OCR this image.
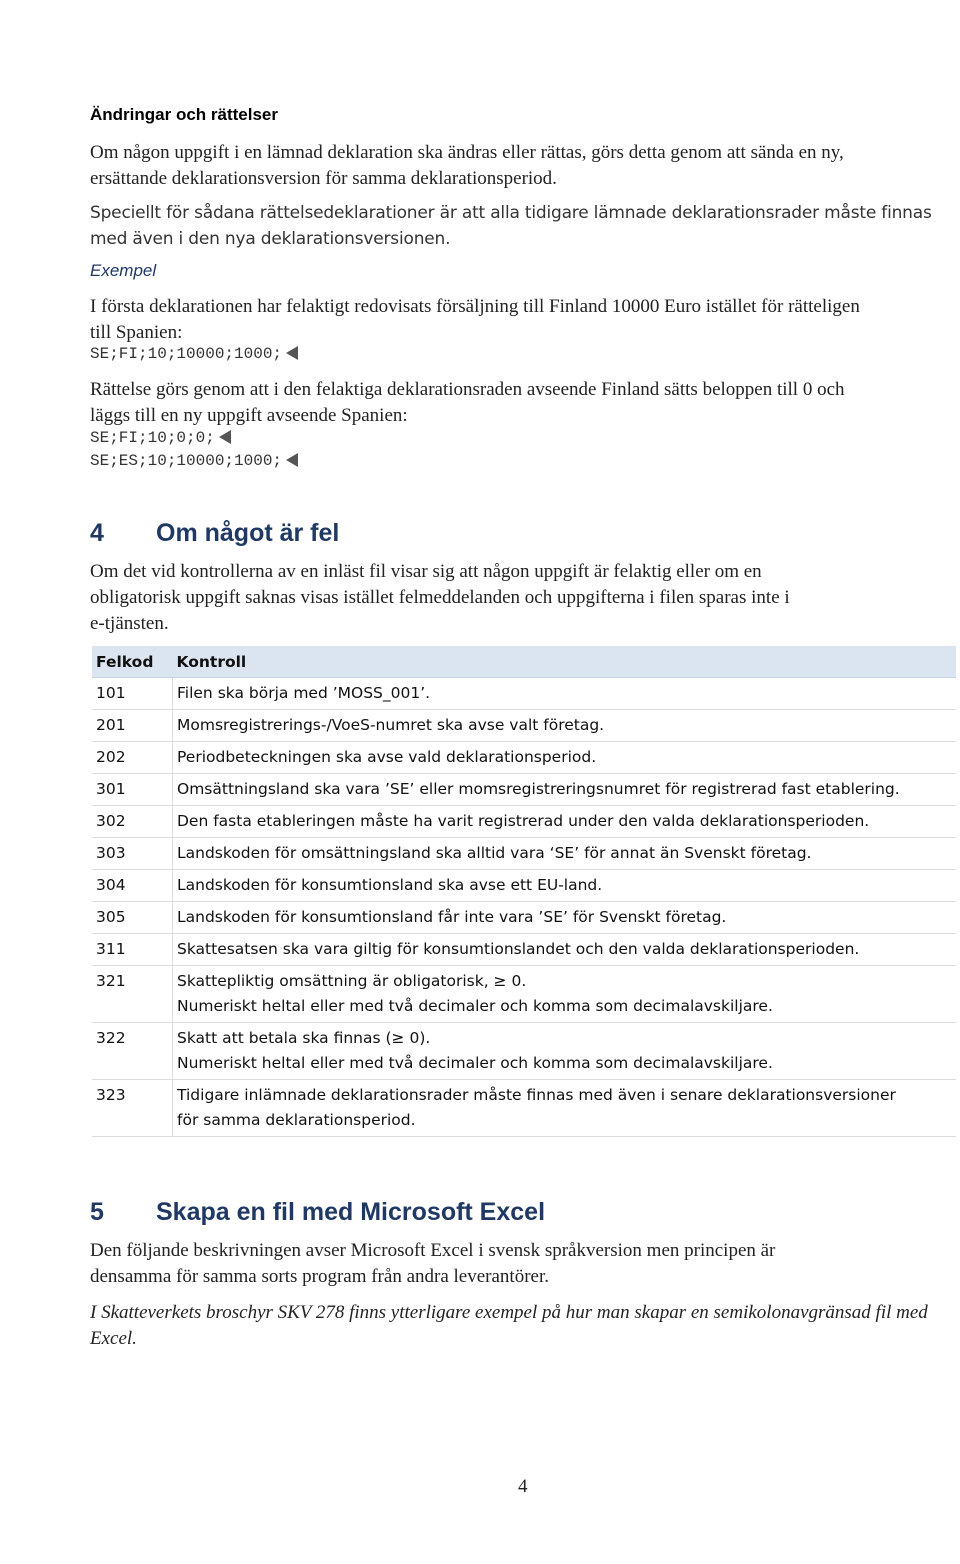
Ändringar och rättelser
Om någon uppgift i en lämnad deklaration ska ändras eller rättas, görs detta genom att sända en ny,
ersättande deklarationsversion för samma deklarationsperiod.
Speciellt för sådana rättelsedeklarationer är att alla tidigare lämnade deklarationsrader måste finnas
med även i den nya deklarationsversionen.
Exempel
I första deklarationen har felaktigt redovisats försäljning till Finland 10000 Euro istället för rätteligen
till Spanien:
SE;FI;10;10000;1000;
Rättelse görs genom att i den felaktiga deklarationsraden avseende Finland sätts beloppen till 0 och
läggs till en ny uppgift avseende Spanien:
SE;FI;10;0;0;
SE;ES;10;10000;1000;
4 Om något är fel
Om det vid kontrollerna av en inläst fil visar sig att någon uppgift är felaktig eller om en
obligatorisk uppgift saknas visas istället felmeddelanden och uppgifterna i filen sparas inte i
e-tjänsten.
Felkod	Kontroll
101	Filen ska börja med ’MOSS_001’.

201	Momsregistrerings-/VoeS-numret ska avse valt företag.

202	Periodbeteckningen ska avse vald deklarationsperiod.

301	Omsättningsland ska vara ’SE’ eller momsregistreringsnumret för registrerad fast etablering.

302	Den fasta etableringen måste ha varit registrerad under den valda deklarationsperioden.

303	Landskoden för omsättningsland ska alltid vara ‘SE’ för annat än Svenskt företag.

304	Landskoden för konsumtionsland ska avse ett EU-land.

305	Landskoden för konsumtionsland får inte vara ’SE’ för Svenskt företag.

311	Skattesatsen ska vara giltig för konsumtionslandet och den valda deklarationsperioden.

321	Skattepliktig omsättning är obligatorisk, ≥ 0.
Numeriskt heltal eller med två decimaler och komma som decimalavskiljare.

322	Skatt att betala ska finnas (≥ 0).
Numeriskt heltal eller med två decimaler och komma som decimalavskiljare.

323	Tidigare inlämnade deklarationsrader måste finnas med även i senare deklarationsversioner
för samma deklarationsperiod.
5 Skapa en fil med Microsoft Excel
Den följande beskrivningen avser Microsoft Excel i svensk språkversion men principen är
densamma för samma sorts program från andra leverantörer.
I Skatteverkets broschyr SKV 278 finns ytterligare exempel på hur man skapar en semikolonavgränsad fil med
Excel.
4
